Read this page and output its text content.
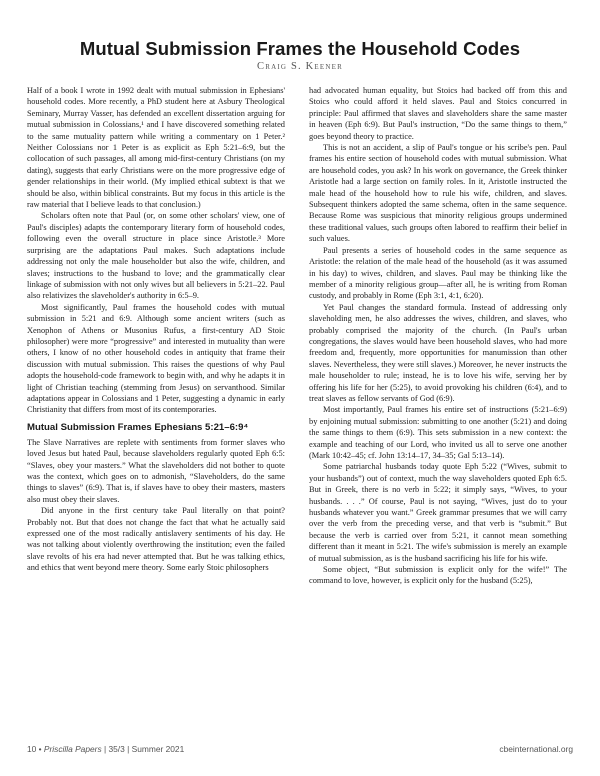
Mutual Submission Frames the Household Codes
Craig S. Keener

Half of a book I wrote in 1992 dealt with mutual submission in Ephesians' household codes. More recently, a PhD student here at Asbury Theological Seminary, Murray Vasser, has defended an excellent dissertation arguing for mutual submission in Colossians,¹ and I have discovered something related to the same mutuality pattern while writing a commentary on 1 Peter.² Neither Colossians nor 1 Peter is as explicit as Eph 5:21–6:9, but the collocation of such passages, all among mid-first-century Christians (on my dating), suggests that early Christians were on the more progressive edge of gender relationships in their world. (My implied ethical subtext is that we should be also, within biblical constraints. But my focus in this article is the raw material that I believe leads to that conclusion.)

Scholars often note that Paul (or, on some other scholars' view, one of Paul's disciples) adapts the contemporary literary form of household codes, following even the overall structure in place since Aristotle.³ More surprising are the adaptations Paul makes. Such adaptations include addressing not only the male householder but also the wife, children, and slaves; instructions to the husband to love; and the grammatically clear linkage of submission with not only wives but all believers in 5:21–22. Paul also relativizes the slaveholder's authority in 6:5–9.

Most significantly, Paul frames the household codes with mutual submission in 5:21 and 6:9. Although some ancient writers (such as Xenophon of Athens or Musonius Rufus, a first-century AD Stoic philosopher) were more “progressive” and interested in mutuality than were others, I know of no other household codes in antiquity that frame their discussion with mutual submission. This raises the questions of why Paul adopts the household-code framework to begin with, and why he adapts it in light of Christian teaching (stemming from Jesus) on servanthood. Similar adaptations appear in Colossians and 1 Peter, suggesting a dynamic in early Christianity that differs from most of its contemporaries.

Mutual Submission Frames Ephesians 5:21–6:9⁴

The Slave Narratives are replete with sentiments from former slaves who loved Jesus but hated Paul, because slaveholders regularly quoted Eph 6:5: “Slaves, obey your masters.” What the slaveholders did not bother to quote was the context, which goes on to admonish, “Slaveholders, do the same things to slaves” (6:9). That is, if slaves have to obey their masters, masters also must obey their slaves.

Did anyone in the first century take Paul literally on that point? Probably not. But that does not change the fact that what he actually said expressed one of the most radically antislavery sentiments of his day. He was not talking about violently overthrowing the institution; even the failed slave revolts of his era had never attempted that. But he was talking ethics, and ethics that went beyond mere theory. Some early Stoic philosophers

had advocated human equality, but Stoics had backed off from this and Stoics who could afford it held slaves. Paul and Stoics concurred in principle: Paul affirmed that slaves and slaveholders share the same master in heaven (Eph 6:9). But Paul's instruction, “Do the same things to them,” goes beyond theory to practice.

This is not an accident, a slip of Paul's tongue or his scribe's pen. Paul frames his entire section of household codes with mutual submission. What are household codes, you ask? In his work on governance, the Greek thinker Aristotle had a large section on family roles. In it, Aristotle instructed the male head of the household how to rule his wife, children, and slaves. Subsequent thinkers adopted the same schema, often in the same sequence. Because Rome was suspicious that minority religious groups undermined these traditional values, such groups often labored to reaffirm their belief in such values.

Paul presents a series of household codes in the same sequence as Aristotle: the relation of the male head of the household (as it was assumed in his day) to wives, children, and slaves. Paul may be thinking like the member of a minority religious group—after all, he is writing from Roman custody, and probably in Rome (Eph 3:1, 4:1, 6:20).

Yet Paul changes the standard formula. Instead of addressing only slaveholding men, he also addresses the wives, children, and slaves, who probably comprised the majority of the church. (In Paul's urban congregations, the slaves would have been household slaves, who had more freedom and, frequently, more opportunities for manumission than other slaves. Nevertheless, they were still slaves.) Moreover, he never instructs the male householder to rule; instead, he is to love his wife, serving her by offering his life for her (5:25), to avoid provoking his children (6:4), and to treat slaves as fellow servants of God (6:9).

Most importantly, Paul frames his entire set of instructions (5:21–6:9) by enjoining mutual submission: submitting to one another (5:21) and doing the same things to them (6:9). This sets submission in a new context: the example and teaching of our Lord, who invited us all to serve one another (Mark 10:42–45; cf. John 13:14–17, 34–35; Gal 5:13–14).

Some patriarchal husbands today quote Eph 5:22 (“Wives, submit to your husbands”) out of context, much the way slaveholders quoted Eph 6:5. But in Greek, there is no verb in 5:22; it simply says, “Wives, to your husbands. . . .” Of course, Paul is not saying, “Wives, just do to your husbands whatever you want.” Greek grammar presumes that we will carry over the verb from the preceding verse, and that verb is “submit.” But because the verb is carried over from 5:21, it cannot mean something different than it meant in 5:21. The wife's submission is merely an example of mutual submission, as is the husband sacrificing his life for his wife.

Some object, “But submission is explicit only for the wife!” The command to love, however, is explicit only for the husband (5:25),

10 • Priscilla Papers | 35/3 | Summer 2021	cbeinternational.org
